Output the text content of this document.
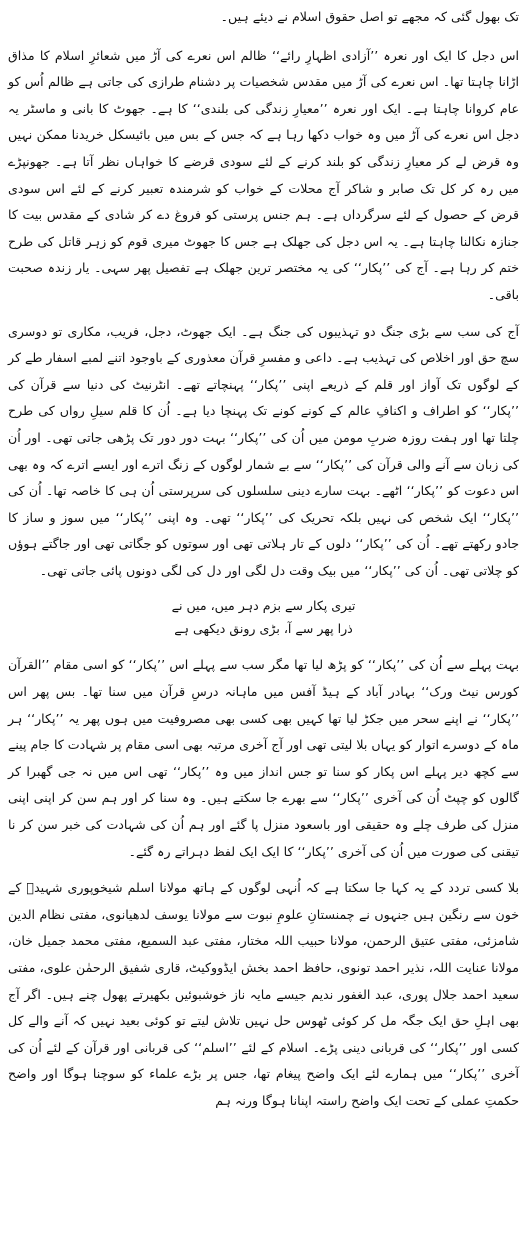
تک بھول گئی کہ مجھے تو اصل حقوق اسلام نے دیئے ہیں۔

اس دجل کا ایک اور نعرہ ’’آزادی اظہارِ رائے‘‘ ظالم اس نعرے کی آڑ میں شعائرِ اسلام کا مذاق اڑانا چاہتا تھا۔ اس نعرے کی آڑ میں مقدس شخصیات پر دشنام طرازی کی جاتی ہے ظالم اُس کو عام کروانا چاہتا ہے۔ ایک اور نعرہ ’’معیارِ زندگی کی بلندی‘‘ کا ہے۔ جھوٹ کا بانی و ماسٹر یہ دجل اس نعرے کی آڑ میں وہ خواب دکھا رہا ہے کہ جس کے بس میں بائیسکل خریدنا ممکن نہیں وہ قرض لے کر معیارِ زندگی کو بلند کرنے کے لئے سودی قرضے کا خواہاں نظر آتا ہے۔ جھونپڑے میں رہ کر کل تک صابر و شاکر آج محلات کے خواب کو شرمندہ تعبیر کرنے کے لئے اس سودی قرض کے حصول کے لئے سرگرداں ہے۔ ہم جنس پرستی کو فروغ دے کر شادی کے مقدس بیت کا جنازہ نکالنا چاہتا ہے۔ یہ اس دجل کی جھلک ہے جس کا جھوٹ میری قوم کو زہر قاتل کی طرح ختم کر رہا ہے۔ آج کی ’’پکار‘‘ کی یہ مختصر ترین جھلک ہے تفصیل پھر سہی۔ یار زندہ صحبت باقی۔

آج کی سب سے بڑی جنگ دو تہذیبوں کی جنگ ہے۔ ایک جھوٹ، دجل، فریب، مکاری تو دوسری سچ حق اور اخلاص کی تہذیب ہے۔ داعی و مفسرِ قرآن معذوری کے باوجود اتنے لمبے اسفار طے کر کے لوگوں تک آواز اور قلم کے ذریعے اپنی ’’پکار‘‘ پہنچاتے تھے۔ انٹرنیٹ کی دنیا سے قرآن کی ’’پکار‘‘ کو اطراف و اکنافِ عالم کے کونے کونے تک پہنچا دیا ہے۔ اُن کا قلم سیلِ رواں کی طرح چلتا تھا اور ہفت روزہ ضربِ مومن میں اُن کی ’’پکار‘‘ بہت دور دور تک پڑھی جاتی تھی۔ اور اُن کی زبان سے آنے والی قرآن کی ’’پکار‘‘ سے بے شمار لوگوں کے زنگ اترے اور ایسے اترے کہ وہ بھی اس دعوت کو ’’پکار‘‘ اٹھے۔ بہت سارے دینی سلسلوں کی سرپرستی اُن ہی کا خاصہ تھا۔ اُن کی ’’پکار‘‘ ایک شخص کی نہیں بلکہ تحریک کی ’’پکار‘‘ تھی۔ وہ اپنی ’’پکار‘‘ میں سوز و ساز کا جادو رکھتے تھے۔ اُن کی ’’پکار‘‘ دلوں کے تار ہلاتی تھی اور سوتوں کو جگاتی تھی اور جاگتے ہوؤں کو چلاتی تھی۔ اُن کی ’’پکار‘‘ میں بیک وقت دل لگی اور دل کی لگی دونوں پائی جاتی تھی۔

تیری پکار سے بزم دہر میں، میں نے
ذرا پھر سے آ، بڑی رونق دیکھی ہے

بہت پہلے سے اُن کی ’’پکار‘‘ کو پڑھ لیا تھا مگر سب سے پہلے اس ’’پکار‘‘ کو اسی مقام ’’القرآن کورس نیٹ ورک‘‘ بہادر آباد کے ہیڈ آفس میں ماہانہ درسِ قرآن میں سنا تھا۔ بس پھر اس ’’پکار‘‘ نے اپنے سحر میں جکڑ لیا تھا کہیں بھی کسی بھی مصروفیت میں ہوں پھر یہ ’’پکار‘‘ ہر ماہ کے دوسرے اتوار کو یہاں بلا لیتی تھی اور آج آخری مرتبہ بھی اسی مقام پر شہادت کا جام پینے سے کچھ دیر پہلے اس پکار کو سنا تو جس انداز میں وہ ’’پکار‘‘ تھی اس میں نہ جی گھبرا کر گالوں کو چپٹ اُن کی آخری ’’پکار‘‘ سے بھرے جا سکتے ہیں۔ وہ سنا کر اور ہم سن کر اپنی اپنی منزل کی طرف چلے وہ حقیقی اور باسعود منزل پا گئے اور ہم اُن کی شہادت کی خبر سن کر نا تیقنی کی صورت میں اُن کی آخری ’’پکار‘‘ کا ایک ایک لفظ دہراتے رہ گئے۔

بلا کسی تردد کے یہ کہا جا سکتا ہے کہ اُنہی لوگوں کے ہاتھ مولانا اسلم شیخوپوری شہیدؒ کے خون سے رنگین ہیں جنہوں نے چمنستانِ علومِ نبوت سے مولانا یوسف لدھیانوی، مفتی نظام الدین شامزئی، مفتی عتیق الرحمن، مولانا حبیب اللہ مختار، مفتی عبد السمیع، مفتی محمد جمیل خان، مولانا عنایت اللہ، نذیر احمد تونوی، حافظ احمد بخش ایڈووکیٹ، قاری شفیق الرحمٰن علوی، مفتی سعید احمد جلال پوری، عبد الغفور ندیم جیسے مایہ ناز خوشبوئیں بکھیرتے پھول چنے ہیں۔ اگر آج بھی اہلِ حق ایک جگہ مل کر کوئی ٹھوس حل نہیں تلاش لیتے تو کوئی بعید نہیں کہ آنے والے کل کسی اور ’’پکار‘‘ کی قربانی دینی پڑے۔ اسلام کے لئے ’’اسلم‘‘ کی قربانی اور قرآن کے لئے اُن کی آخری ’’پکار‘‘ میں ہمارے لئے ایک واضح پیغام تھا، جس پر بڑے علماء کو سوچنا ہوگا اور واضح حکمتِ عملی کے تحت ایک واضح راستہ اپنانا ہوگا ورنہ ہم
